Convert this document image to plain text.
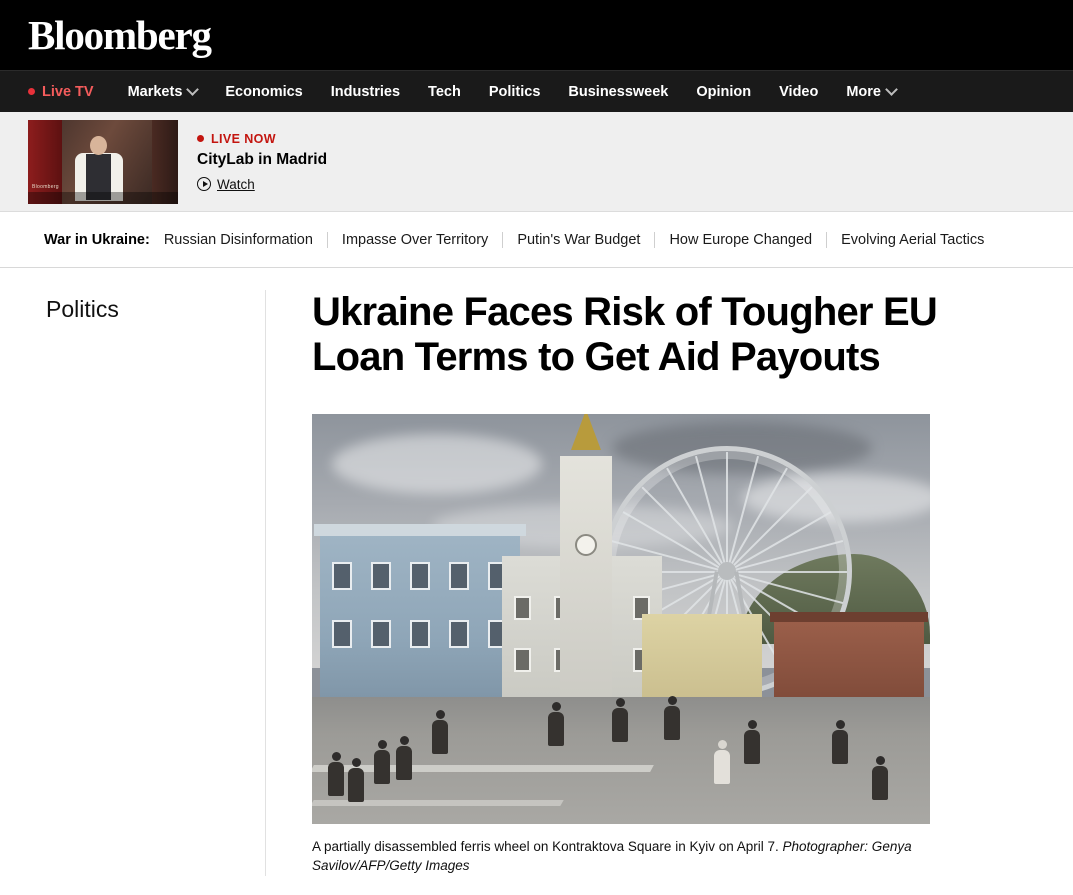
Bloomberg
Live TV Markets	Economics Industries Tech Politics Businessweek Opinion Video More
Bloomberg
LIVE NOW
CityLab in Madrid
Watch
War in Ukraine: Russian Disinformation	Impasse Over Territory	Putin's War Budget	How Europe Changed	Evolving Aerial Tactics
Politics	Ukraine Faces Risk of Tougher EU Loan Terms to Get Aid Payouts
A partially disassembled ferris wheel on Kontraktova Square in Kyiv on April 7. Photographer: Genya Savilov/AFP/Getty Images
